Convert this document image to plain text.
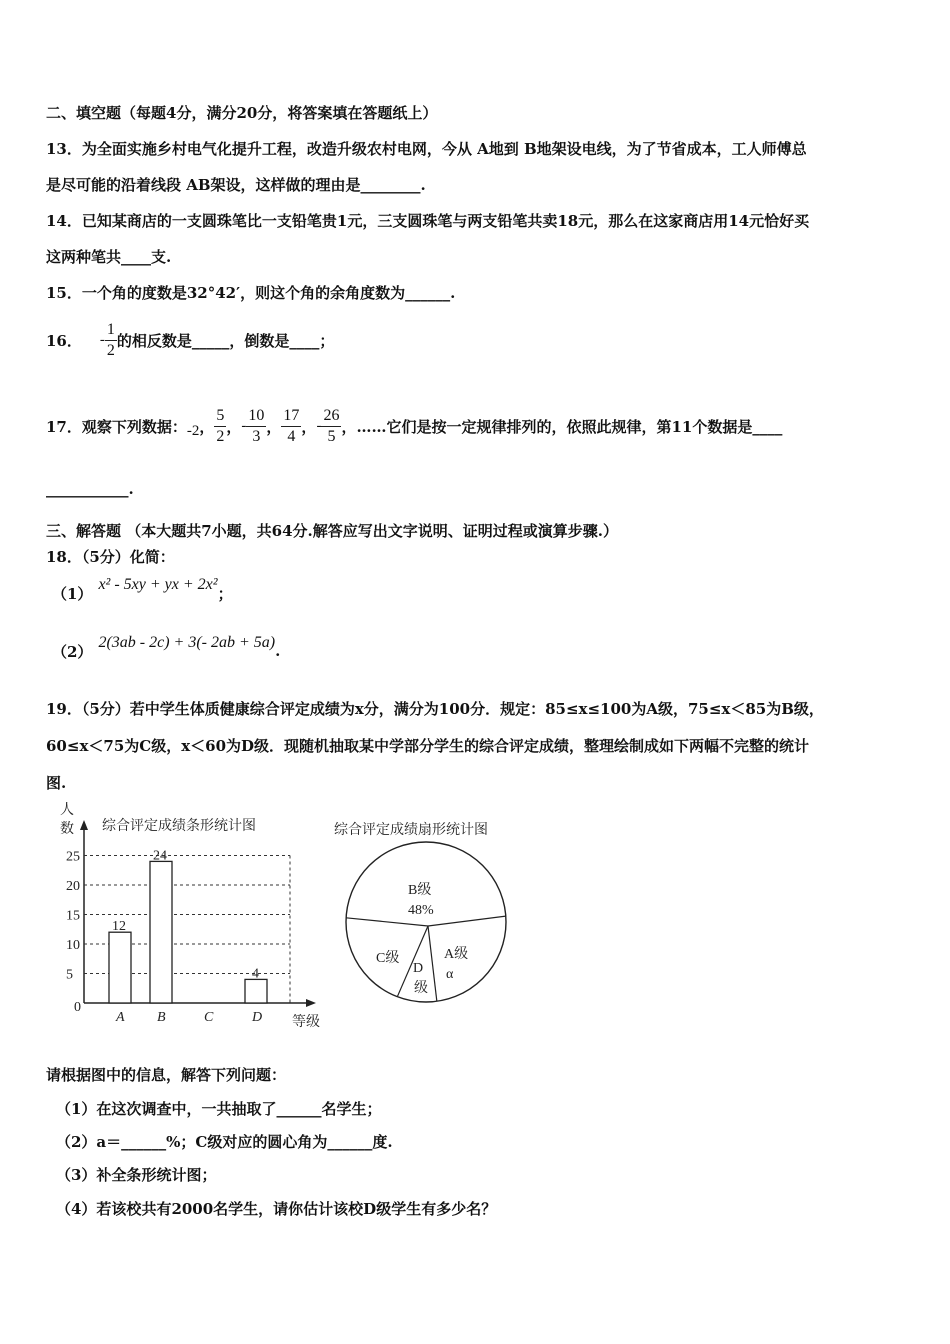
二、填空题（每题4分，满分20分，将答案填在答题纸上）
13．为全面实施乡村电气化提升工程，改造升级农村电网，今从 A地到 B地架设电线，为了节省成本，工人师傅总
是尽可能的沿着线段 AB架设，这样做的理由是________.
14．已知某商店的一支圆珠笔比一支铅笔贵1元，三支圆珠笔与两支铅笔共卖18元，那么在这家商店用14元恰好买
这两种笔共____支.
15．一个角的度数是32°42′，则这个角的余角度数为______.
16． - $\frac{1}{2}$ 的相反数是_____，倒数是____；
17．观察下列数据： -2 ， $\frac{5}{2}$ ， - $\frac{10}{3}$ ， $\frac{17}{4}$ ， - $\frac{26}{5}$ ，……它们是按一定规律排列的，依照此规律，第11个数据是____
___________.
三、解答题 （本大题共7小题，共64分.解答应写出文字说明、证明过程或演算步骤.）
18．（5分）化简：
（1） x² - 5xy + yx + 2x² ；
（2） 2(3ab - 2c) + 3(- 2ab + 5a) .
19．（5分）若中学生体质健康综合评定成绩为x分，满分为100分．规定：85≤x≤100为A级，75≤x＜85为B级，
60≤x＜75为C级，x＜60为D级．现随机抽取某中学部分学生的综合评定成绩，整理绘制成如下两幅不完整的统计
图.
综合评定成绩条形统计图
人
数
0
5
10
15
20
25
A
12
B
24
C	D
4
等级
综合评定成绩扇形统计图
B级
48%
A级
α
D
级
C级
请根据图中的信息，解答下列问题：
（1）在这次调查中，一共抽取了______名学生；
（2）a＝______%；C级对应的圆心角为______度.
（3）补全条形统计图；
（4）若该校共有2000名学生，请你估计该校D级学生有多少名？
